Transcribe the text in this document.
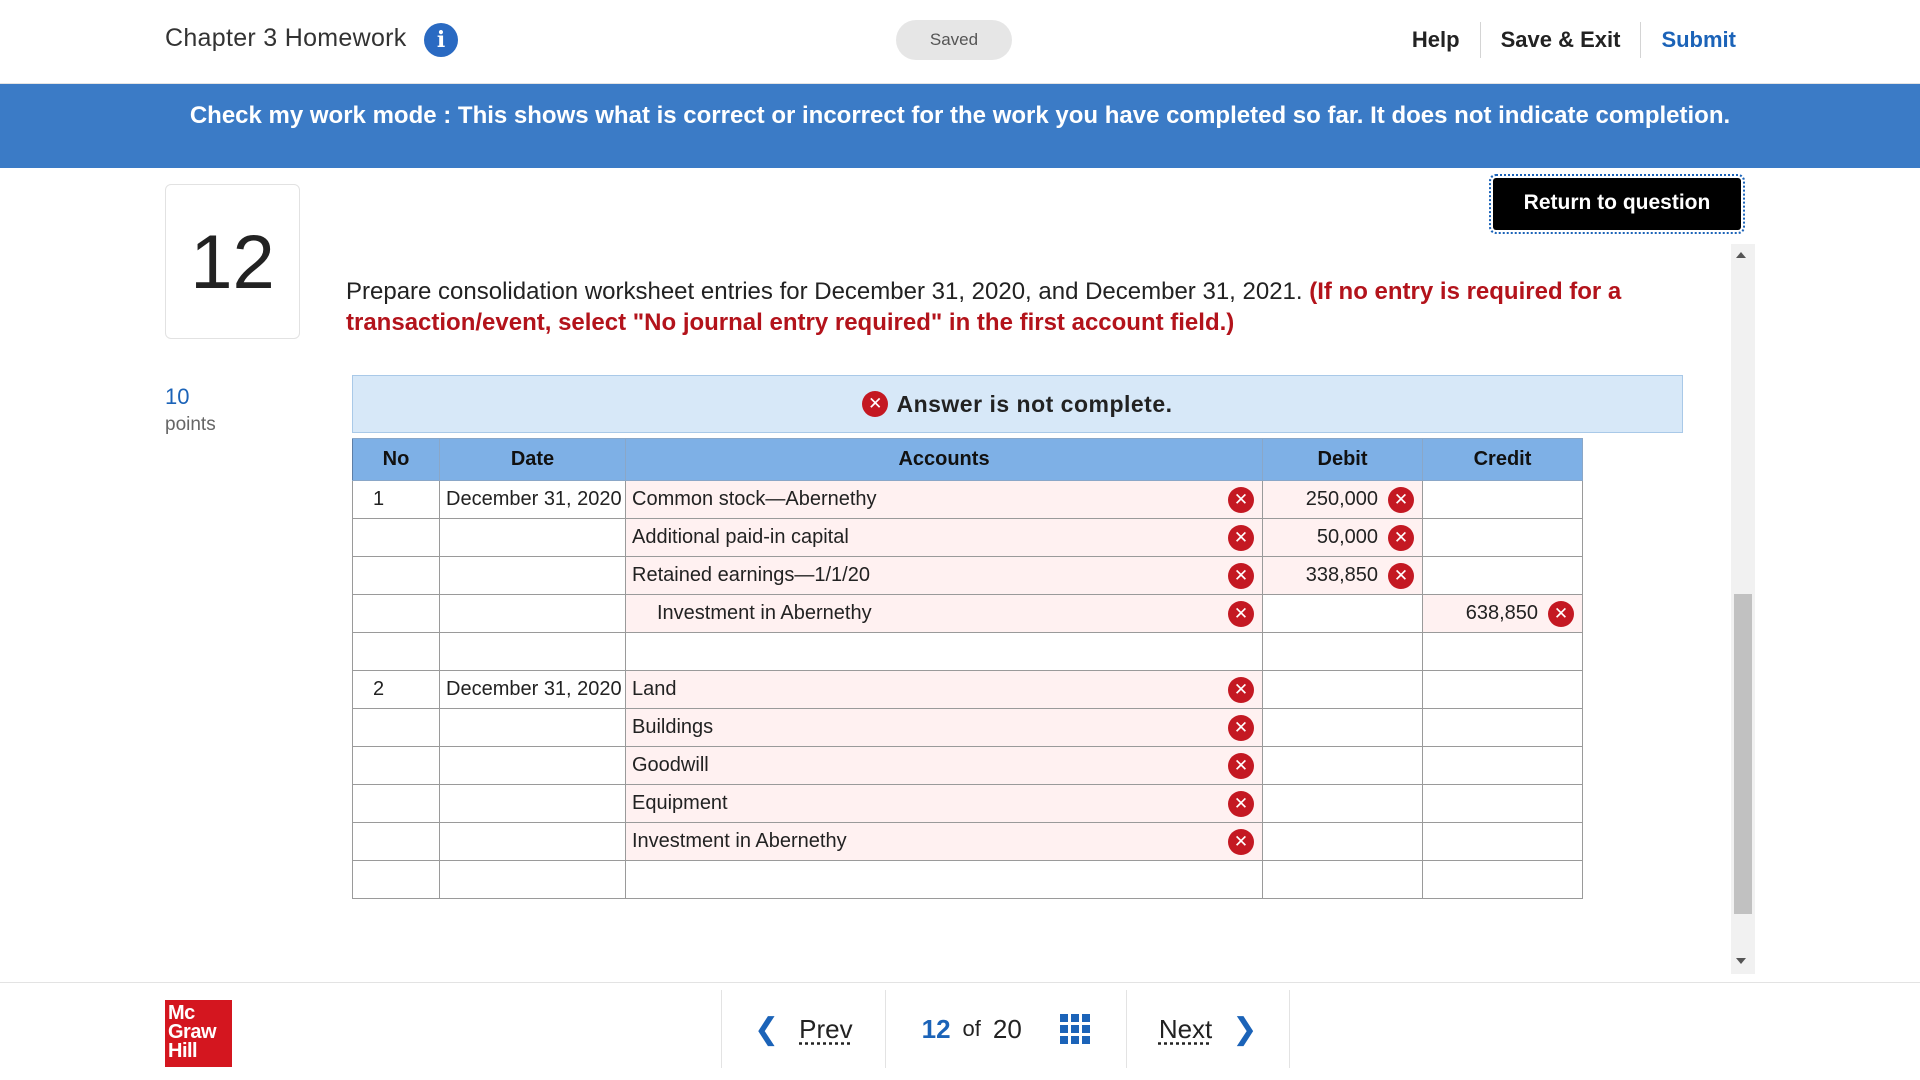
Chapter 3 Homework	i	Saved	Help	Save & Exit	Submit
Check my work mode : This shows what is correct or incorrect for the work you have completed so far. It does not indicate completion.
12
10
points
Return to question
Prepare consolidation worksheet entries for December 31, 2020, and December 31, 2021. (If no entry is required for a transaction/event, select "No journal entry required" in the first account field.)
✕ Answer is not complete.
No	Date	Accounts	Debit	Credit
1	December 31, 2020	Common stock—Abernethy ✕	250,000 ✕	

		Additional paid-in capital ✕	50,000 ✕	

		Retained earnings—1/1/20 ✕	338,850 ✕	

		Investment in Abernethy ✕		638,850 ✕

2	December 31, 2020	Land ✕		

		Buildings ✕		

		Goodwill ✕		

		Equipment ✕		

		Investment in Abernethy ✕		

Mc
Graw
Hill
❮ Prev	12 of 20	Next ❯
